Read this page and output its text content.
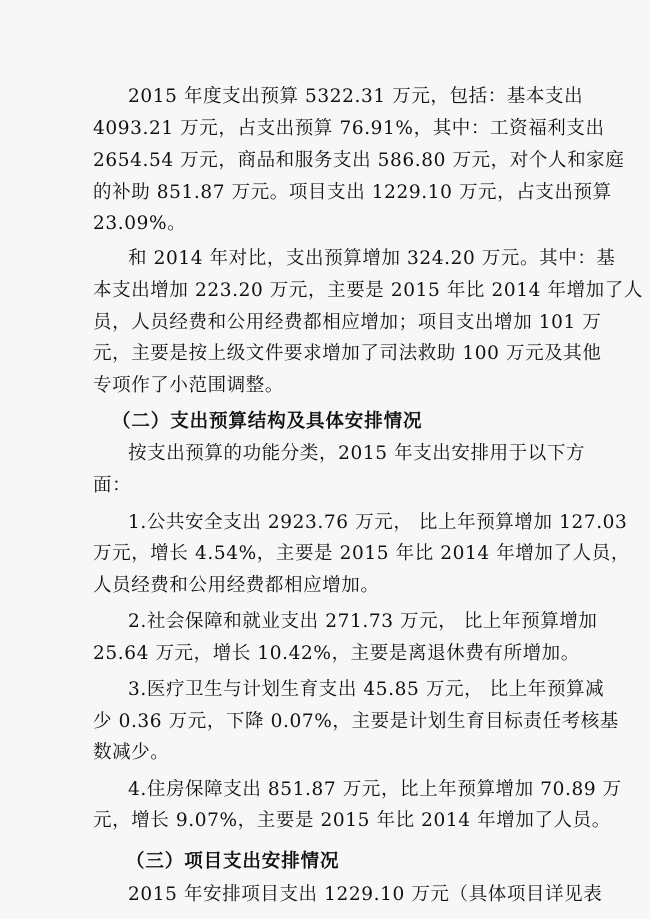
2015 年度支出预算 5322.31 万元，包括：基本支出
4093.21 万元，占支出预算 76.91%，其中：工资福利支出
2654.54 万元，商品和服务支出 586.80 万元，对个人和家庭
的补助 851.87 万元。项目支出 1229.10 万元，占支出预算
23.09%。
和 2014 年对比，支出预算增加 324.20 万元。其中：基
本支出增加 223.20 万元，主要是 2015 年比 2014 年增加了人
员，人员经费和公用经费都相应增加；项目支出增加 101 万
元，主要是按上级文件要求增加了司法救助 100 万元及其他
专项作了小范围调整。
（二）支出预算结构及具体安排情况
按支出预算的功能分类，2015 年支出安排用于以下方
面：
1.公共安全支出 2923.76 万元， 比上年预算增加 127.03
万元，增长 4.54%，主要是 2015 年比 2014 年增加了人员，
人员经费和公用经费都相应增加。
2.社会保障和就业支出 271.73 万元， 比上年预算增加
25.64 万元，增长 10.42%，主要是离退休费有所增加。
3.医疗卫生与计划生育支出 45.85 万元， 比上年预算减
少 0.36 万元，下降 0.07%，主要是计划生育目标责任考核基
数减少。
4.住房保障支出 851.87 万元，比上年预算增加 70.89 万
元，增长 9.07%，主要是 2015 年比 2014 年增加了人员。
（三）项目支出安排情况
2015 年安排项目支出 1229.10 万元（具体项目详见表
